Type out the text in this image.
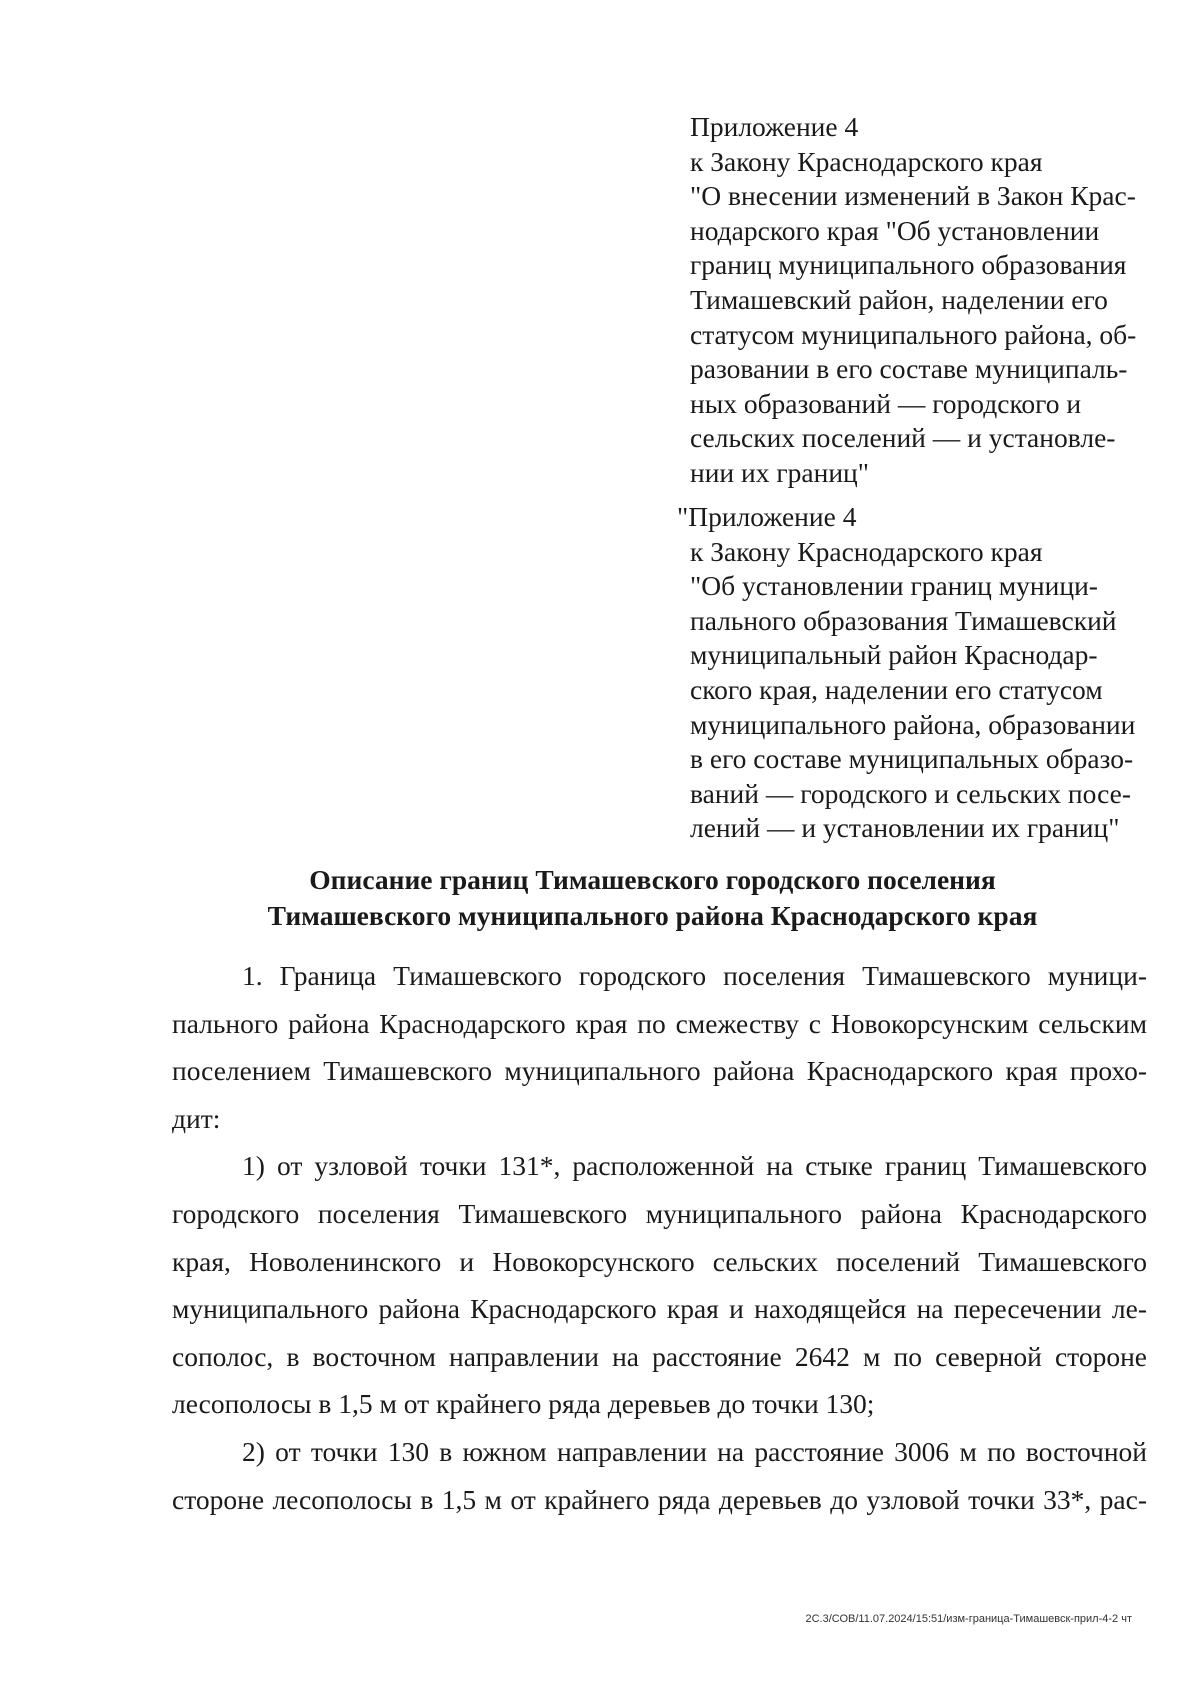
Приложение 4
к Закону Краснодарского края
"О внесении изменений в Закон Крас-
нодарского края "Об установлении
границ муниципального образования
Тимашевский район, наделении его
статусом муниципального района, об-
разовании в его составе муниципаль-
ных образований — городского и
сельских поселений — и установле-
нии их границ"
"Приложение 4
к Закону Краснодарского края
"Об установлении границ муници-
пального образования Тимашевский
муниципальный район Краснодар-
ского края, наделении его статусом
муниципального района, образовании
в его составе муниципальных образо-
ваний — городского и сельских посе-
лений — и установлении их границ"
Описание границ Тимашевского городского поселения
Тимашевского муниципального района Краснодарского края

1. Граница Тимашевского городского поселения Тимашевского муници-
пального района Краснодарского края по смежеству с Новокорсунским сельским
поселением Тимашевского муниципального района Краснодарского края прохо-
дит:

1) от узловой точки 131*, расположенной на стыке границ Тимашевского
городского поселения Тимашевского муниципального района Краснодарского
края, Новоленинского и Новокорсунского сельских поселений Тимашевского
муниципального района Краснодарского края и находящейся на пересечении ле-
сополос, в восточном направлении на расстояние 2642 м по северной стороне
лесополосы в 1,5 м от крайнего ряда деревьев до точки 130;

2) от точки 130 в южном направлении на расстояние 3006 м по восточной
стороне лесополосы в 1,5 м от крайнего ряда деревьев до узловой точки 33*, рас-

2С.3/СОВ/11.07.2024/15:51/изм-граница-Тимашевск-прил-4-2 чт
